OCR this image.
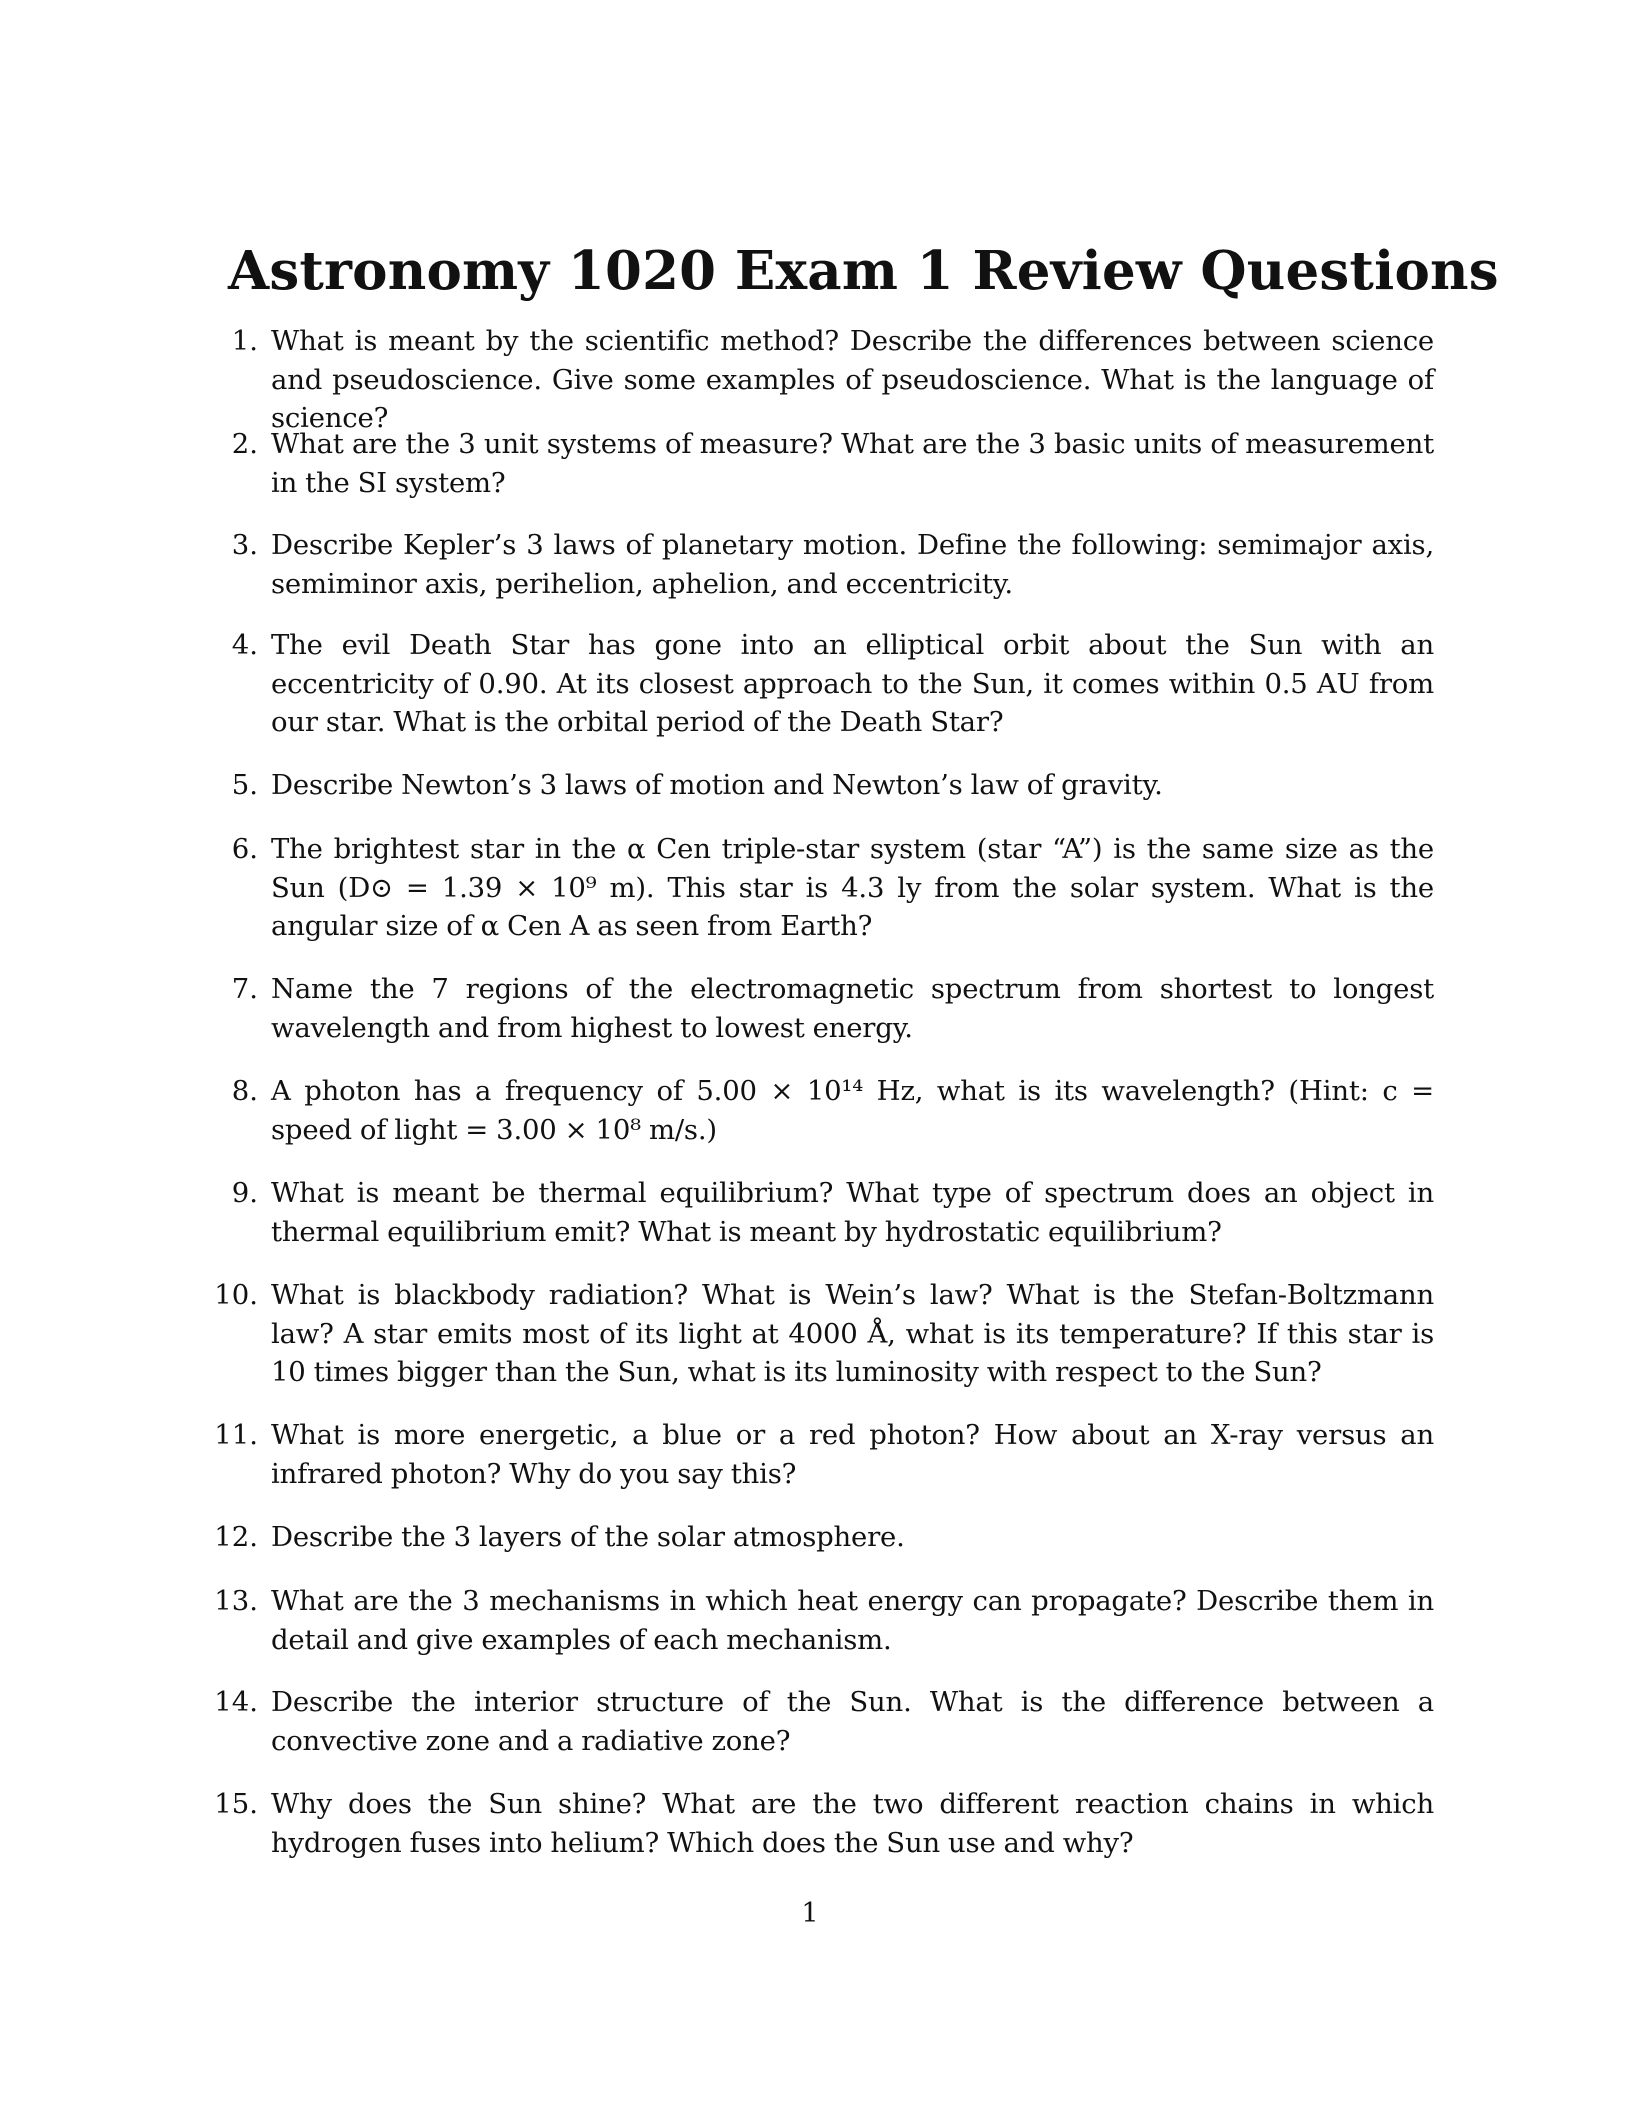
Astronomy 1020 Exam 1 Review Questions
1. What is meant by the scientific method? Describe the differences between science and pseudoscience. Give some examples of pseudoscience. What is the language of science?
2. What are the 3 unit systems of measure? What are the 3 basic units of measurement in the SI system?
3. Describe Kepler’s 3 laws of planetary motion. Define the following: semimajor axis, semiminor axis, perihelion, aphelion, and eccentricity.
4. The evil Death Star has gone into an elliptical orbit about the Sun with an eccentricity of 0.90. At its closest approach to the Sun, it comes within 0.5 AU from our star. What is the orbital period of the Death Star?
5. Describe Newton’s 3 laws of motion and Newton’s law of gravity.
6. The brightest star in the α Cen triple-star system (star “A”) is the same size as the Sun (D⊙ = 1.39 × 10⁹ m). This star is 4.3 ly from the solar system. What is the angular size of α Cen A as seen from Earth?
7. Name the 7 regions of the electromagnetic spectrum from shortest to longest wavelength and from highest to lowest energy.
8. A photon has a frequency of 5.00 × 10¹⁴ Hz, what is its wavelength? (Hint: c = speed of light = 3.00 × 10⁸ m/s.)
9. What is meant be thermal equilibrium? What type of spectrum does an object in thermal equilibrium emit? What is meant by hydrostatic equilibrium?
10. What is blackbody radiation? What is Wein’s law? What is the Stefan-Boltzmann law? A star emits most of its light at 4000 Å, what is its temperature? If this star is 10 times bigger than the Sun, what is its luminosity with respect to the Sun?
11. What is more energetic, a blue or a red photon? How about an X-ray versus an infrared photon? Why do you say this?
12. Describe the 3 layers of the solar atmosphere.
13. What are the 3 mechanisms in which heat energy can propagate? Describe them in detail and give examples of each mechanism.
14. Describe the interior structure of the Sun. What is the difference between a convective zone and a radiative zone?
15. Why does the Sun shine? What are the two different reaction chains in which hydrogen fuses into helium? Which does the Sun use and why?
1
